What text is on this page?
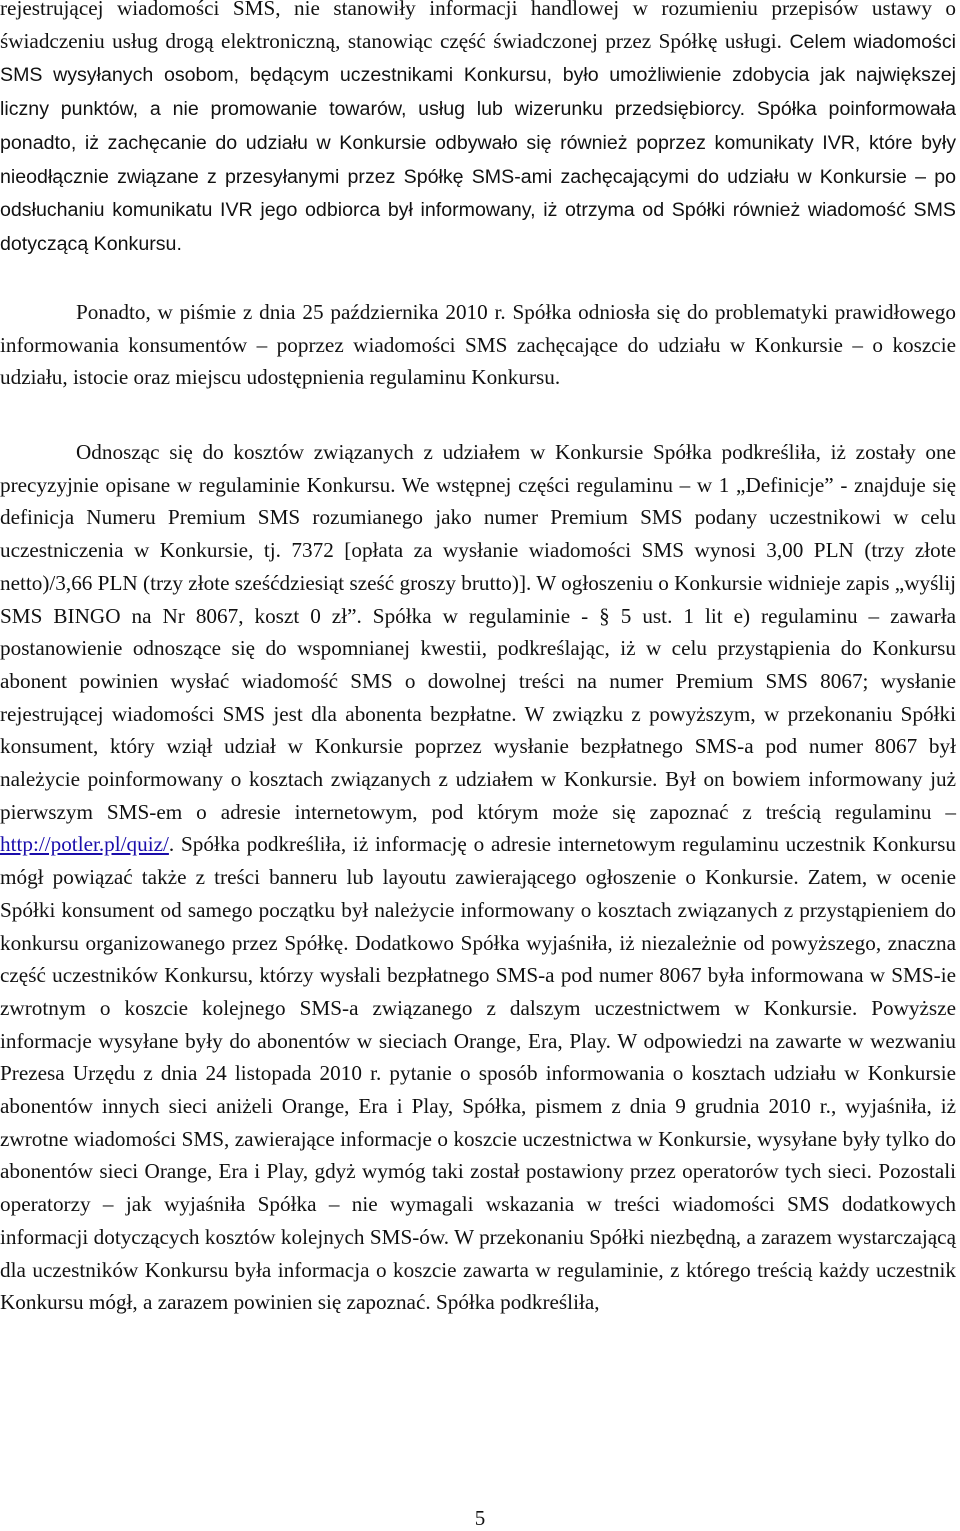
rejestrującej wiadomości SMS, nie stanowiły informacji handlowej w rozumieniu przepisów ustawy o świadczeniu usług drogą elektroniczną, stanowiąc część świadczonej przez Spółkę usługi. Celem wiadomości SMS wysyłanych osobom, będącym uczestnikami Konkursu, było umożliwienie zdobycia jak największej liczny punktów, a nie promowanie towarów, usług lub wizerunku przedsiębiorcy. Spółka poinformowała ponadto, iż zachęcanie do udziału w Konkursie odbywało się również poprzez komunikaty IVR, które były nieodłącznie związane z przesyłanymi przez Spółkę SMS-ami zachęcającymi do udziału w Konkursie – po odsłuchaniu komunikatu IVR jego odbiorca był informowany, iż otrzyma od Spółki również wiadomość SMS dotyczącą Konkursu.

Ponadto, w piśmie z dnia 25 października 2010 r. Spółka odniosła się do problematyki prawidłowego informowania konsumentów – poprzez wiadomości SMS zachęcające do udziału w Konkursie – o koszcie udziału, istocie oraz miejscu udostępnienia regulaminu Konkursu.

Odnosząc się do kosztów związanych z udziałem w Konkursie Spółka podkreśliła, iż zostały one precyzyjnie opisane w regulaminie Konkursu. We wstępnej części regulaminu – w 1 „Definicje” - znajduje się definicja Numeru Premium SMS rozumianego jako numer Premium SMS podany uczestnikowi w celu uczestniczenia w Konkursie, tj. 7372 [opłata za wysłanie wiadomości SMS wynosi 3,00 PLN (trzy złote netto)/3,66 PLN (trzy złote sześćdziesiąt sześć groszy brutto)]. W ogłoszeniu o Konkursie widnieje zapis „wyślij SMS BINGO na Nr 8067, koszt 0 zł”. Spółka w regulaminie - § 5 ust. 1 lit e) regulaminu – zawarła postanowienie odnoszące się do wspomnianej kwestii, podkreślając, iż w celu przystąpienia do Konkursu abonent powinien wysłać wiadomość SMS o dowolnej treści na numer Premium SMS 8067; wysłanie rejestrującej wiadomości SMS jest dla abonenta bezpłatne. W związku z powyższym, w przekonaniu Spółki konsument, który wziął udział w Konkursie poprzez wysłanie bezpłatnego SMS-a pod numer 8067 był należycie poinformowany o kosztach związanych z udziałem w Konkursie. Był on bowiem informowany już pierwszym SMS-em o adresie internetowym, pod którym może się zapoznać z treścią regulaminu – http://potler.pl/quiz/. Spółka podkreśliła, iż informację o adresie internetowym regulaminu uczestnik Konkursu mógł powiązać także z treści banneru lub layoutu zawierającego ogłoszenie o Konkursie. Zatem, w ocenie Spółki konsument od samego początku był należycie informowany o kosztach związanych z przystąpieniem do konkursu organizowanego przez Spółkę. Dodatkowo Spółka wyjaśniła, iż niezależnie od powyższego, znaczna część uczestników Konkursu, którzy wysłali bezpłatnego SMS-a pod numer 8067 była informowana w SMS-ie zwrotnym o koszcie kolejnego SMS-a związanego z dalszym uczestnictwem w Konkursie. Powyższe informacje wysyłane były do abonentów w sieciach Orange, Era, Play. W odpowiedzi na zawarte w wezwaniu Prezesa Urzędu z dnia 24 listopada 2010 r. pytanie o sposób informowania o kosztach udziału w Konkursie abonentów innych sieci aniżeli Orange, Era i Play, Spółka, pismem z dnia 9 grudnia 2010 r., wyjaśniła, iż zwrotne wiadomości SMS, zawierające informacje o koszcie uczestnictwa w Konkursie, wysyłane były tylko do abonentów sieci Orange, Era i Play, gdyż wymóg taki został postawiony przez operatorów tych sieci. Pozostali operatorzy – jak wyjaśniła Spółka – nie wymagali wskazania w treści wiadomości SMS dodatkowych informacji dotyczących kosztów kolejnych SMS-ów. W przekonaniu Spółki niezbędną, a zarazem wystarczającą dla uczestników Konkursu była informacja o koszcie zawarta w regulaminie, z którego treścią każdy uczestnik Konkursu mógł, a zarazem powinien się zapoznać. Spółka podkreśliła,

5
